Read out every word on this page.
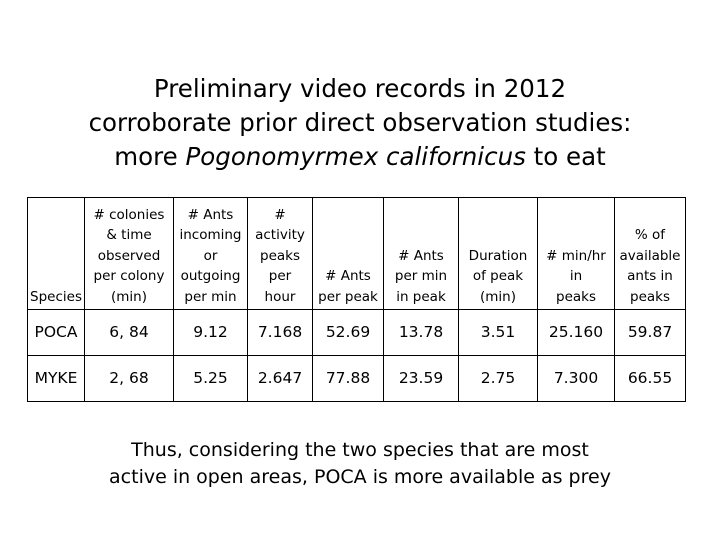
Preliminary video records in 2012
corroborate prior direct observation studies:
more Pogonomyrmex californicus to eat
Species	# colonies
& time
observed
per colony
(min)	# Ants
incoming
or
outgoing
per min	#
activity
peaks
per
hour	# Ants
per peak	# Ants
per min
in peak	Duration
of peak
(min)	# min/hr
in
peaks	% of
available
ants in
peaks

POCA	6, 84	9.12	7.168	52.69	13.78	3.51	25.160	59.87
MYKE	2, 68	5.25	2.647	77.88	23.59	2.75	7.300	66.55
Thus, considering the two species that are most
active in open areas, POCA is more available as prey
